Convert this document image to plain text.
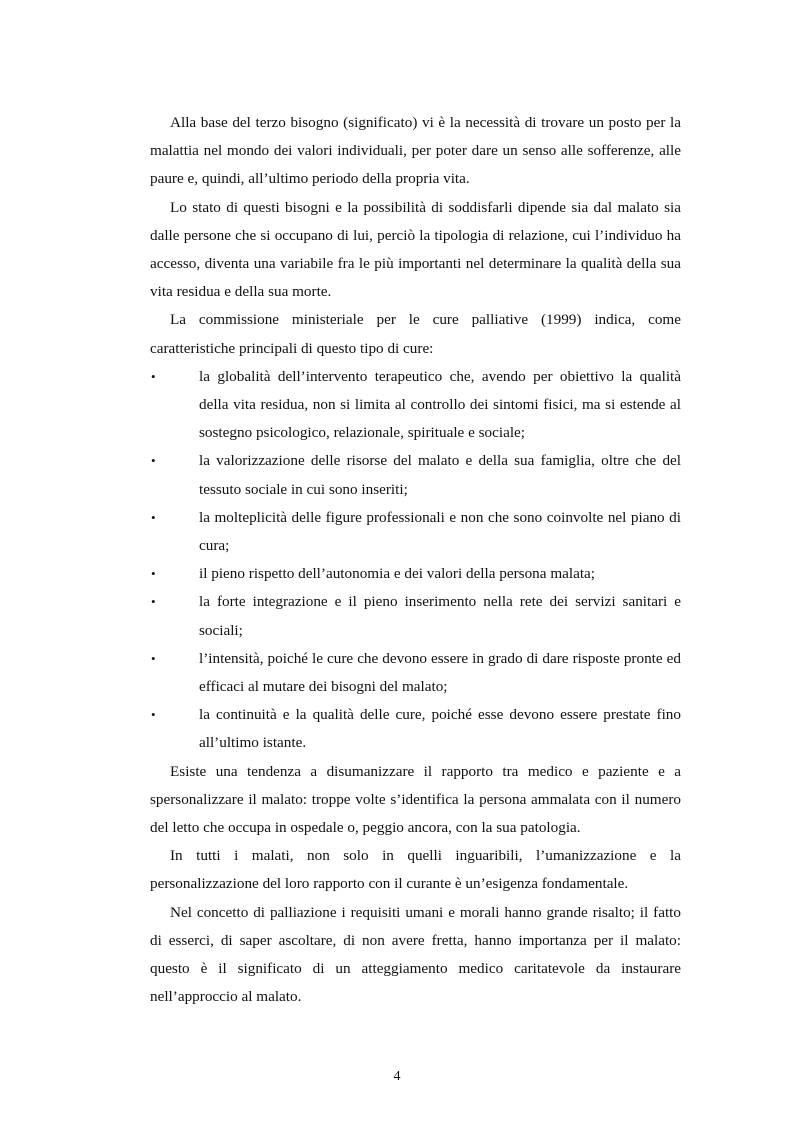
Alla base del terzo bisogno (significato) vi è la necessità di trovare un posto per la malattia nel mondo dei valori individuali, per poter dare un senso alle sofferenze, alle paure e, quindi, all’ultimo periodo della propria vita.

Lo stato di questi bisogni e la possibilità di soddisfarli dipende sia dal malato sia dalle persone che si occupano di lui, perciò la tipologia di relazione, cui l’individuo ha accesso, diventa una variabile fra le più importanti nel determinare la qualità della sua vita residua e della sua morte.

La commissione ministeriale per le cure palliative (1999) indica, come

caratteristiche principali di questo tipo di cure:

•	la globalità dell’intervento terapeutico che, avendo per obiettivo la qualità della vita residua, non si limita al controllo dei sintomi fisici, ma si estende al sostegno psicologico, relazionale, spirituale e sociale;
•	la valorizzazione delle risorse del malato e della sua famiglia, oltre che del tessuto sociale in cui sono inseriti;
•	la molteplicità delle figure professionali e non che sono coinvolte nel piano di cura;
•	il pieno rispetto dell’autonomia e dei valori della persona malata;
•	la forte integrazione e il pieno inserimento nella rete dei servizi sanitari e sociali;
•	l’intensità, poiché le cure che devono essere in grado di dare risposte pronte ed efficaci al mutare dei bisogni del malato;
•	la continuità e la qualità delle cure, poiché esse devono essere prestate fino all’ultimo istante.

Esiste una tendenza a disumanizzare il rapporto tra medico e paziente e a spersonalizzare il malato: troppe volte s’identifica la persona ammalata con il numero del letto che occupa in ospedale o, peggio ancora, con la sua patologia.

In tutti i malati, non solo in quelli inguaribili, l’umanizzazione e la personalizzazione del loro rapporto con il curante è un’esigenza fondamentale.

Nel concetto di palliazione i requisiti umani e morali hanno grande risalto; il fatto di esserci, di saper ascoltare, di non avere fretta, hanno importanza per il malato: questo è il significato di un atteggiamento medico caritatevole da instaurare nell’approccio al malato.

4
